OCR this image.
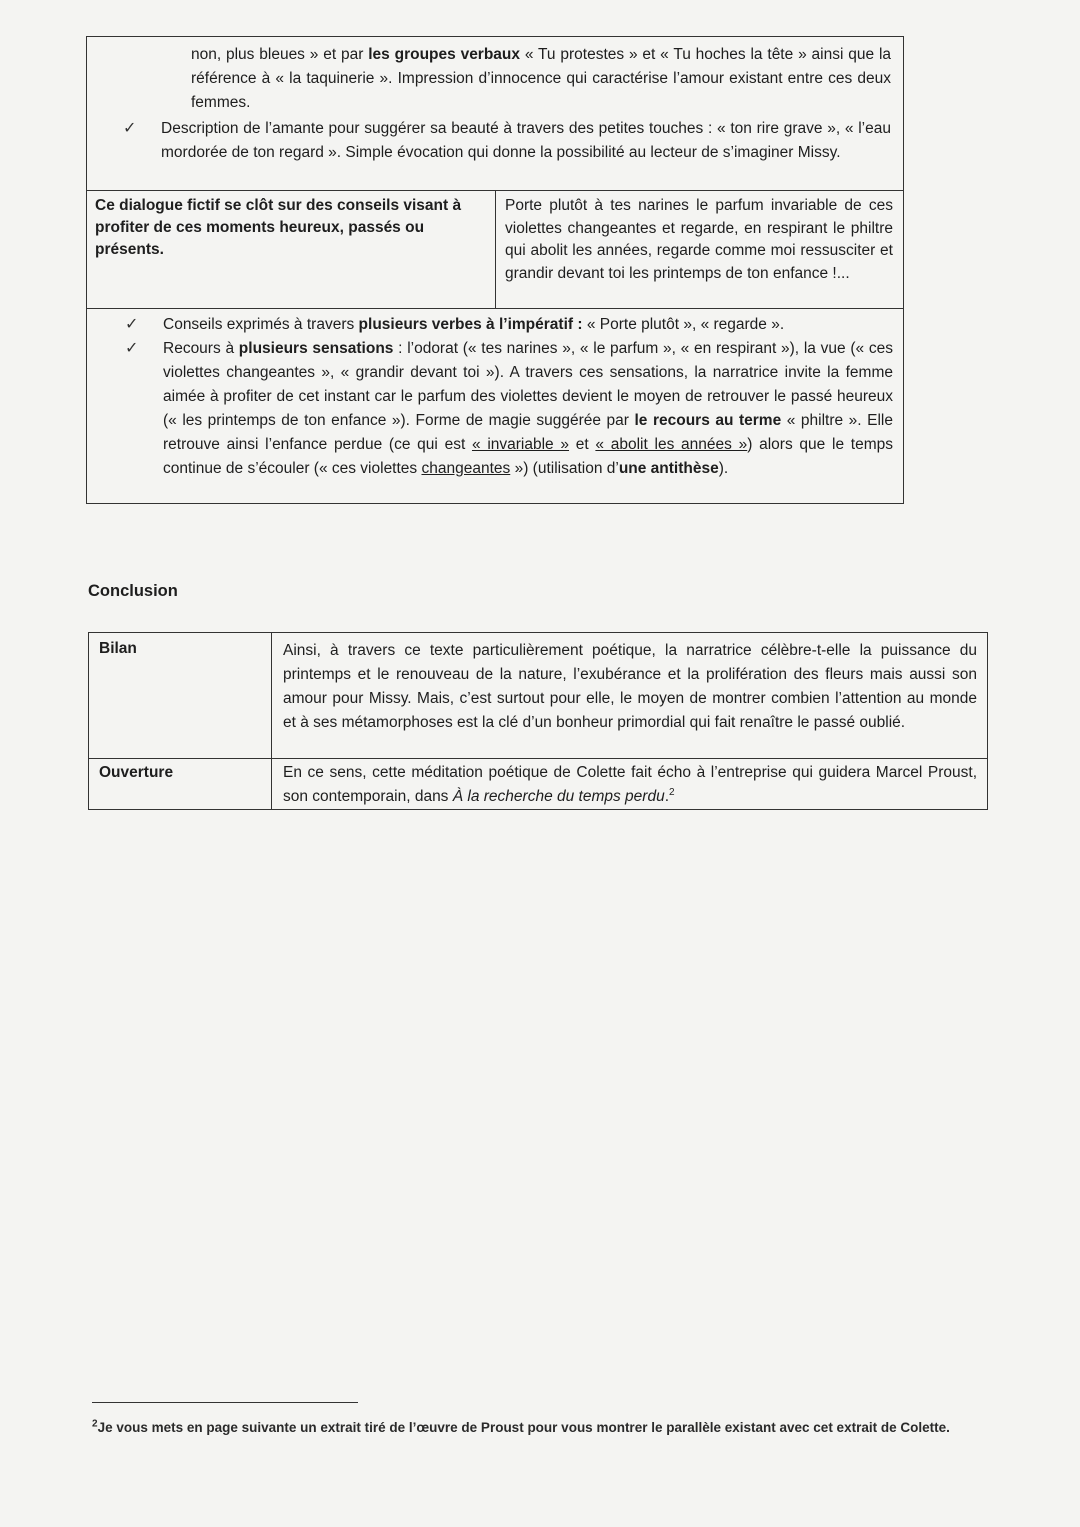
non, plus bleues » et par les groupes verbaux « Tu protestes » et « Tu hoches la tête » ainsi que la référence à « la taquinerie ». Impression d’innocence qui caractérise l’amour existant entre ces deux femmes.
✓ Description de l’amante pour suggérer sa beauté à travers des petites touches : « ton rire grave », « l’eau mordorée de ton regard ». Simple évocation qui donne la possibilité au lecteur de s’imaginer Missy.
Ce dialogue fictif se clôt sur des conseils visant à profiter de ces moments heureux, passés ou présents.
Porte plutôt à tes narines le parfum invariable de ces violettes changeantes et regarde, en respirant le philtre qui abolit les années, regarde comme moi ressusciter et grandir devant toi les printemps de ton enfance !...
✓ Conseils exprimés à travers plusieurs verbes à l’impératif : « Porte plutôt », « regarde ».
✓ Recours à plusieurs sensations : l’odorat (« tes narines », « le parfum », « en respirant »), la vue (« ces violettes changeantes », « grandir devant toi »). A travers ces sensations, la narratrice invite la femme aimée à profiter de cet instant car le parfum des violettes devient le moyen de retrouver le passé heureux (« les printemps de ton enfance »). Forme de magie suggérée par le recours au terme « philtre ». Elle retrouve ainsi l’enfance perdue (ce qui est « invariable » et « abolit les années ») alors que le temps continue de s’écouler (« ces violettes changeantes ») (utilisation d’une antithèse).
Conclusion
Bilan	Ainsi, à travers ce texte particulièrement poétique, la narratrice célèbre-t-elle la puissance du printemps et le renouveau de la nature, l’exubérance et la prolifération des fleurs mais aussi son amour pour Missy. Mais, c’est surtout pour elle, le moyen de montrer combien l’attention au monde et à ses métamorphoses est la clé d’un bonheur primordial qui fait renaître le passé oublié.
Ouverture	En ce sens, cette méditation poétique de Colette fait écho à l’entreprise qui guidera Marcel Proust, son contemporain, dans À la recherche du temps perdu.$^2$
$^2$Je vous mets en page suivante un extrait tiré de l’œuvre de Proust pour vous montrer le parallèle existant avec cet extrait de Colette.
